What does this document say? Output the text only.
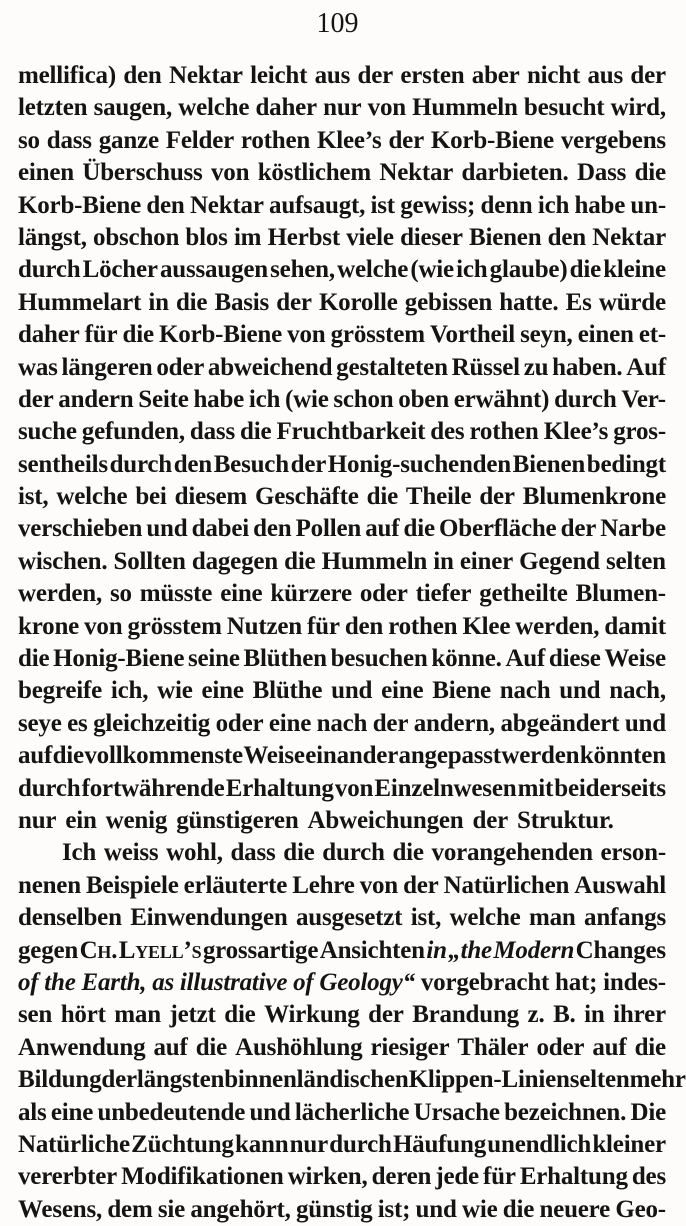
109
mellifica) den Nektar leicht aus der ersten aber nicht aus der
letzten saugen, welche daher nur von Hummeln besucht wird,
so dass ganze Felder rothen Klee’s der Korb-Biene vergebens
einen Überschuss von köstlichem Nektar darbieten. Dass die
Korb-Biene den Nektar aufsaugt, ist gewiss; denn ich habe un-
längst, obschon blos im Herbst viele dieser Bienen den Nektar
durch Löcher aussaugen sehen, welche (wie ich glaube) die kleine
Hummelart in die Basis der Korolle gebissen hatte. Es würde
daher für die Korb-Biene von grösstem Vortheil seyn, einen et-
was längeren oder abweichend gestalteten Rüssel zu haben. Auf
der andern Seite habe ich (wie schon oben erwähnt) durch Ver-
suche gefunden, dass die Fruchtbarkeit des rothen Klee’s gros-
sentheils durch den Besuch der Honig-suchenden Bienen bedingt
ist, welche bei diesem Geschäfte die Theile der Blumenkrone
verschieben und dabei den Pollen auf die Oberfläche der Narbe
wischen. Sollten dagegen die Hummeln in einer Gegend selten
werden, so müsste eine kürzere oder tiefer getheilte Blumen-
krone von grösstem Nutzen für den rothen Klee werden, damit
die Honig-Biene seine Blüthen besuchen könne. Auf diese Weise
begreife ich, wie eine Blüthe und eine Biene nach und nach,
seye es gleichzeitig oder eine nach der andern, abgeändert und
auf die vollkommenste Weise einander angepasst werden könnten
durch fortwährende Erhaltung von Einzelnwesen mit beiderseits
nur ein wenig günstigeren Abweichungen der Struktur.
Ich weiss wohl, dass die durch die vorangehenden erson-
nenen Beispiele erläuterte Lehre von der Natürlichen Auswahl
denselben Einwendungen ausgesetzt ist, welche man anfangs
gegen Ch. Lyell’s grossartige Ansichten in „the Modern Changes
of the Earth, as illustrative of Geology“ vorgebracht hat; indes-
sen hört man jetzt die Wirkung der Brandung z. B. in ihrer
Anwendung auf die Aushöhlung riesiger Thäler oder auf die
Bildung der längsten binnenländischen Klippen-Linien selten mehr
als eine unbedeutende und lächerliche Ursache bezeichnen. Die
Natürliche Züchtung kann nur durch Häufung unendlich kleiner
vererbter Modifikationen wirken, deren jede für Erhaltung des
Wesens, dem sie angehört, günstig ist; und wie die neuere Geo-
